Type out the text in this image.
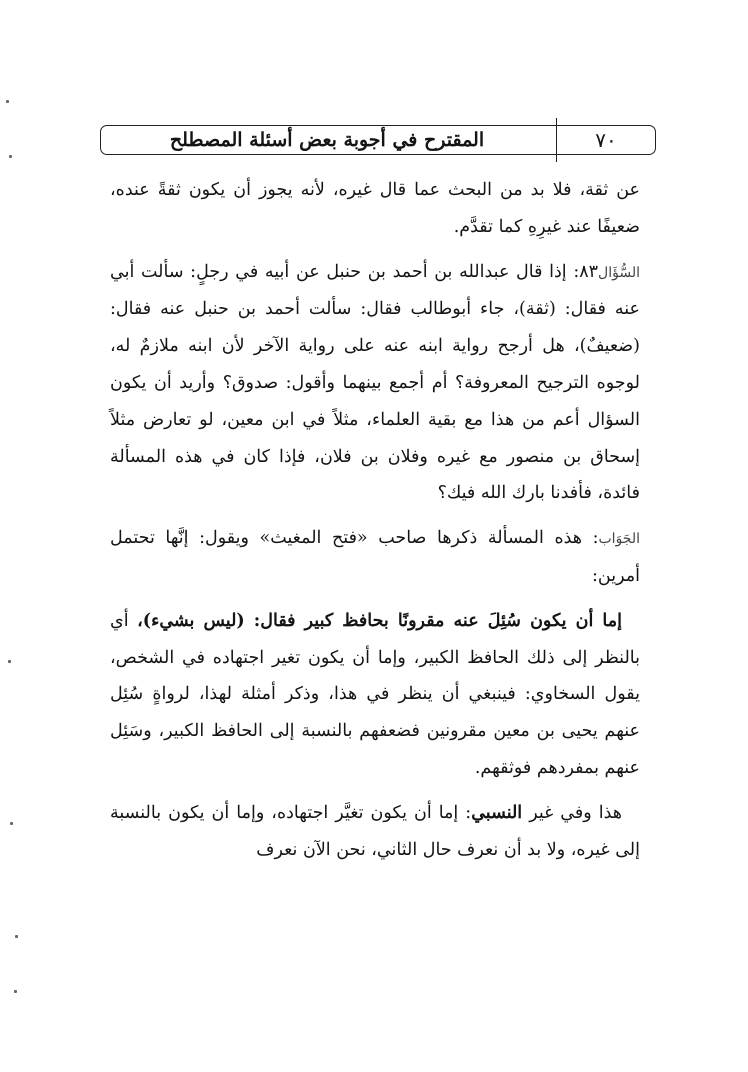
المقترح في أجوبة بعض أسئلة المصطلح	٧٠

عن ثقة، فلا بد من البحث عما قال غيره، لأنه يجوز أن يكون ثقةً عنده، ضعيفًا عند غيرِهِ كما تقدَّم.

السُّؤَال٨٣: إذا قال عبدالله بن أحمد بن حنبل عن أبيه في رجلٍ: سألت أبي عنه فقال: (ثقة)، جاء أبوطالب فقال: سألت أحمد بن حنبل عنه فقال: (ضعيفٌ)، هل أرجح رواية ابنه عنه على رواية الآخر لأن ابنه ملازمٌ له، لوجوه الترجيح المعروفة؟ أم أجمع بينهما وأقول: صدوق؟ وأريد أن يكون السؤال أعم من هذا مع بقية العلماء، مثلاً في ابن معين، لو تعارض مثلاً إسحاق بن منصور مع غيره وفلان بن فلان، فإذا كان في هذه المسألة فائدة، فأفدنا بارك الله فيك؟

الجَوَاب: هذه المسألة ذكرها صاحب «فتح المغيث» ويقول: إنَّها تحتمل أمرين:

إما أن يكون سُئِلَ عنه مقرونًا بحافظ كبير فقال: (ليس بشيء)، أي بالنظر إلى ذلك الحافظ الكبير، وإما أن يكون تغير اجتهاده في الشخص، يقول السخاوي: فينبغي أن ينظر في هذا، وذكر أمثلة لهذا، لرواةٍ سُئِل عنهم يحيى بن معين مقرونين فضعفهم بالنسبة إلى الحافظ الكبير، وسَئِل عنهم بمفردهم فوثقهم.

هذا وفي غير النسبي: إما أن يكون تغيَّر اجتهاده، وإما أن يكون بالنسبة إلى غيره، ولا بد أن نعرف حال الثاني، نحن الآن نعرف
